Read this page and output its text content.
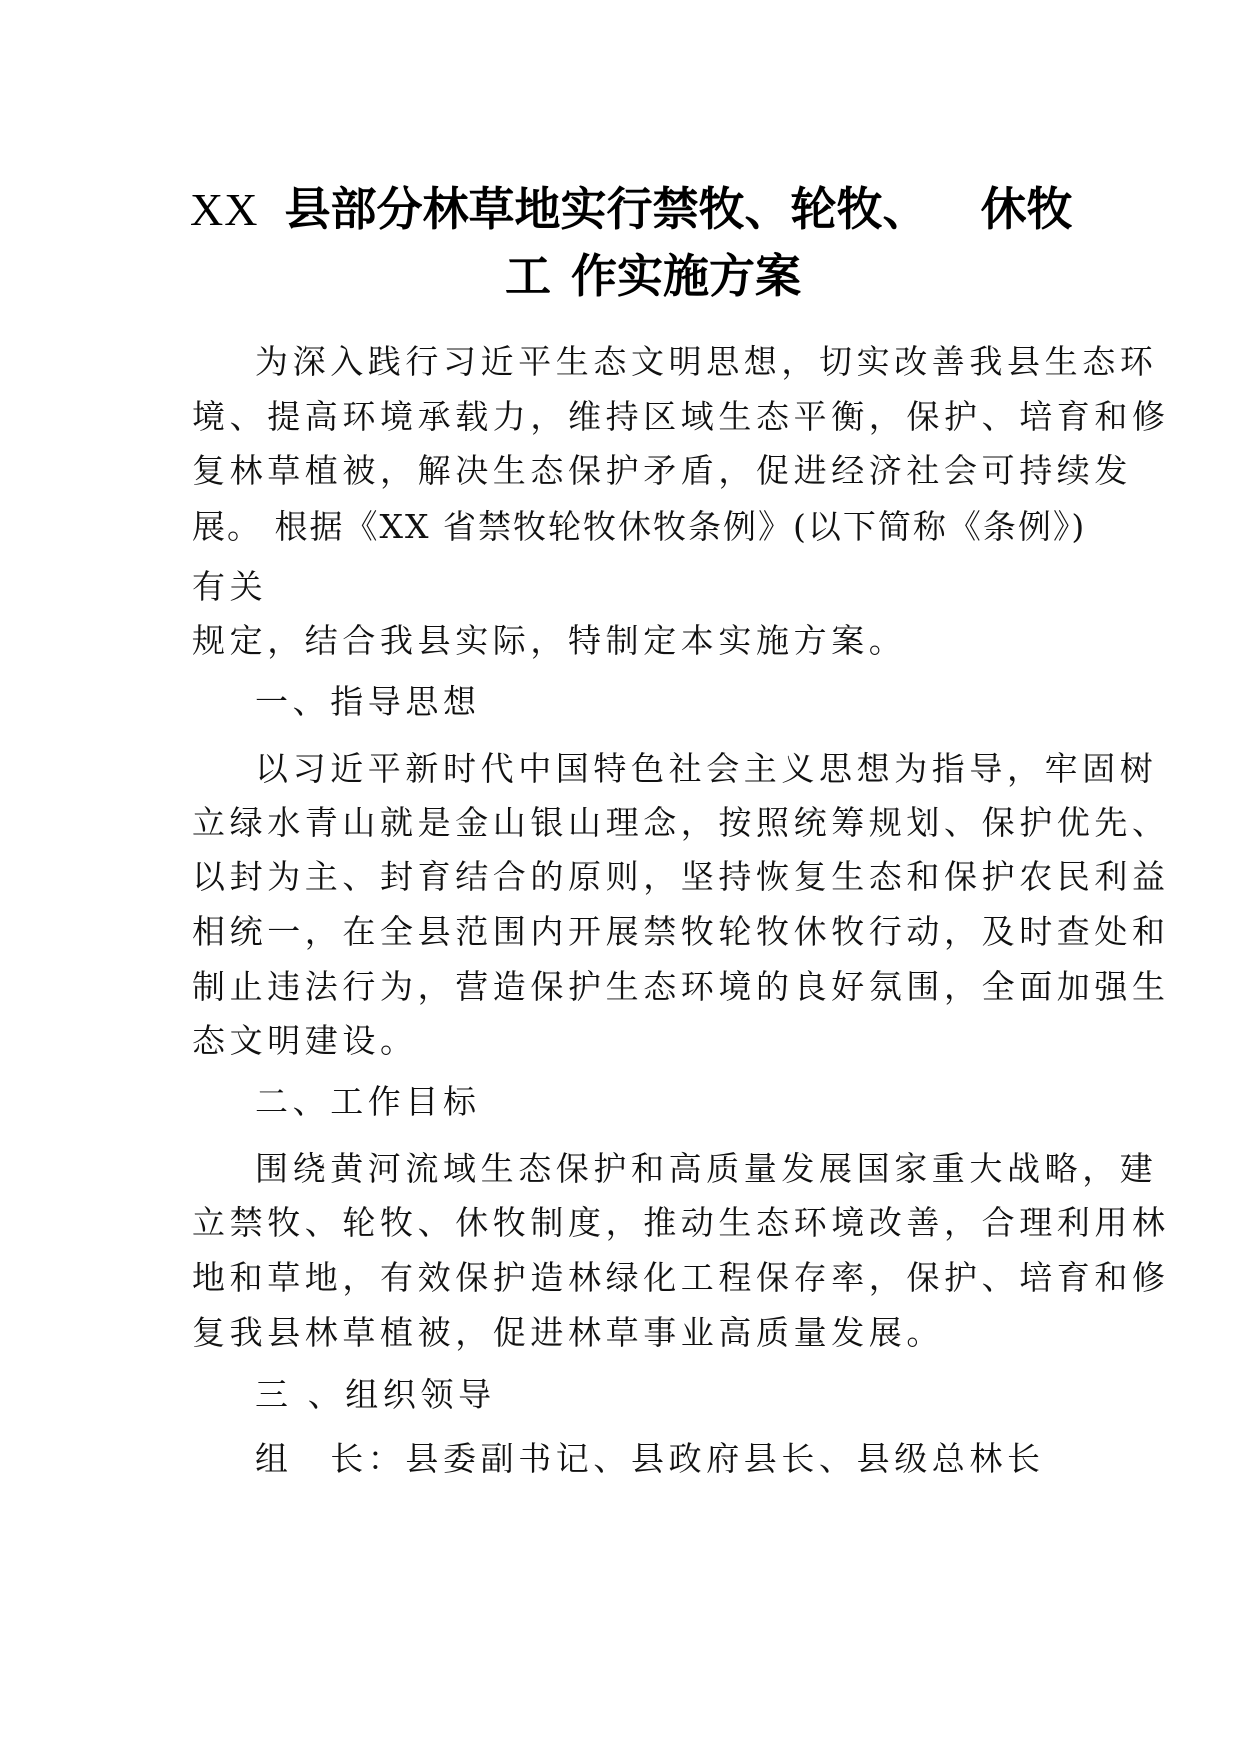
XX 县部分林草地实行禁牧、轮牧、 休牧
工 作实施方案
为深入践行习近平生态文明思想，切实改善我县生态环
境、提高环境承载力，维持区域生态平衡，保护、培育和修
复林草植被，解决生态保护矛盾，促进经济社会可持续发
展。 根据《XX 省禁牧轮牧休牧条例》(以下简称《条例》)
有关
规定，结合我县实际，特制定本实施方案。
一、指导思想
以习近平新时代中国特色社会主义思想为指导，牢固树
立绿水青山就是金山银山理念，按照统筹规划、保护优先、
以封为主、封育结合的原则，坚持恢复生态和保护农民利益
相统一，在全县范围内开展禁牧轮牧休牧行动，及时查处和
制止违法行为，营造保护生态环境的良好氛围，全面加强生
态文明建设。
二、工作目标
围绕黄河流域生态保护和高质量发展国家重大战略，建
立禁牧、轮牧、休牧制度，推动生态环境改善，合理利用林
地和草地，有效保护造林绿化工程保存率，保护、培育和修
复我县林草植被，促进林草事业高质量发展。
三 、组织领导
组　长：县委副书记、县政府县长、县级总林长
